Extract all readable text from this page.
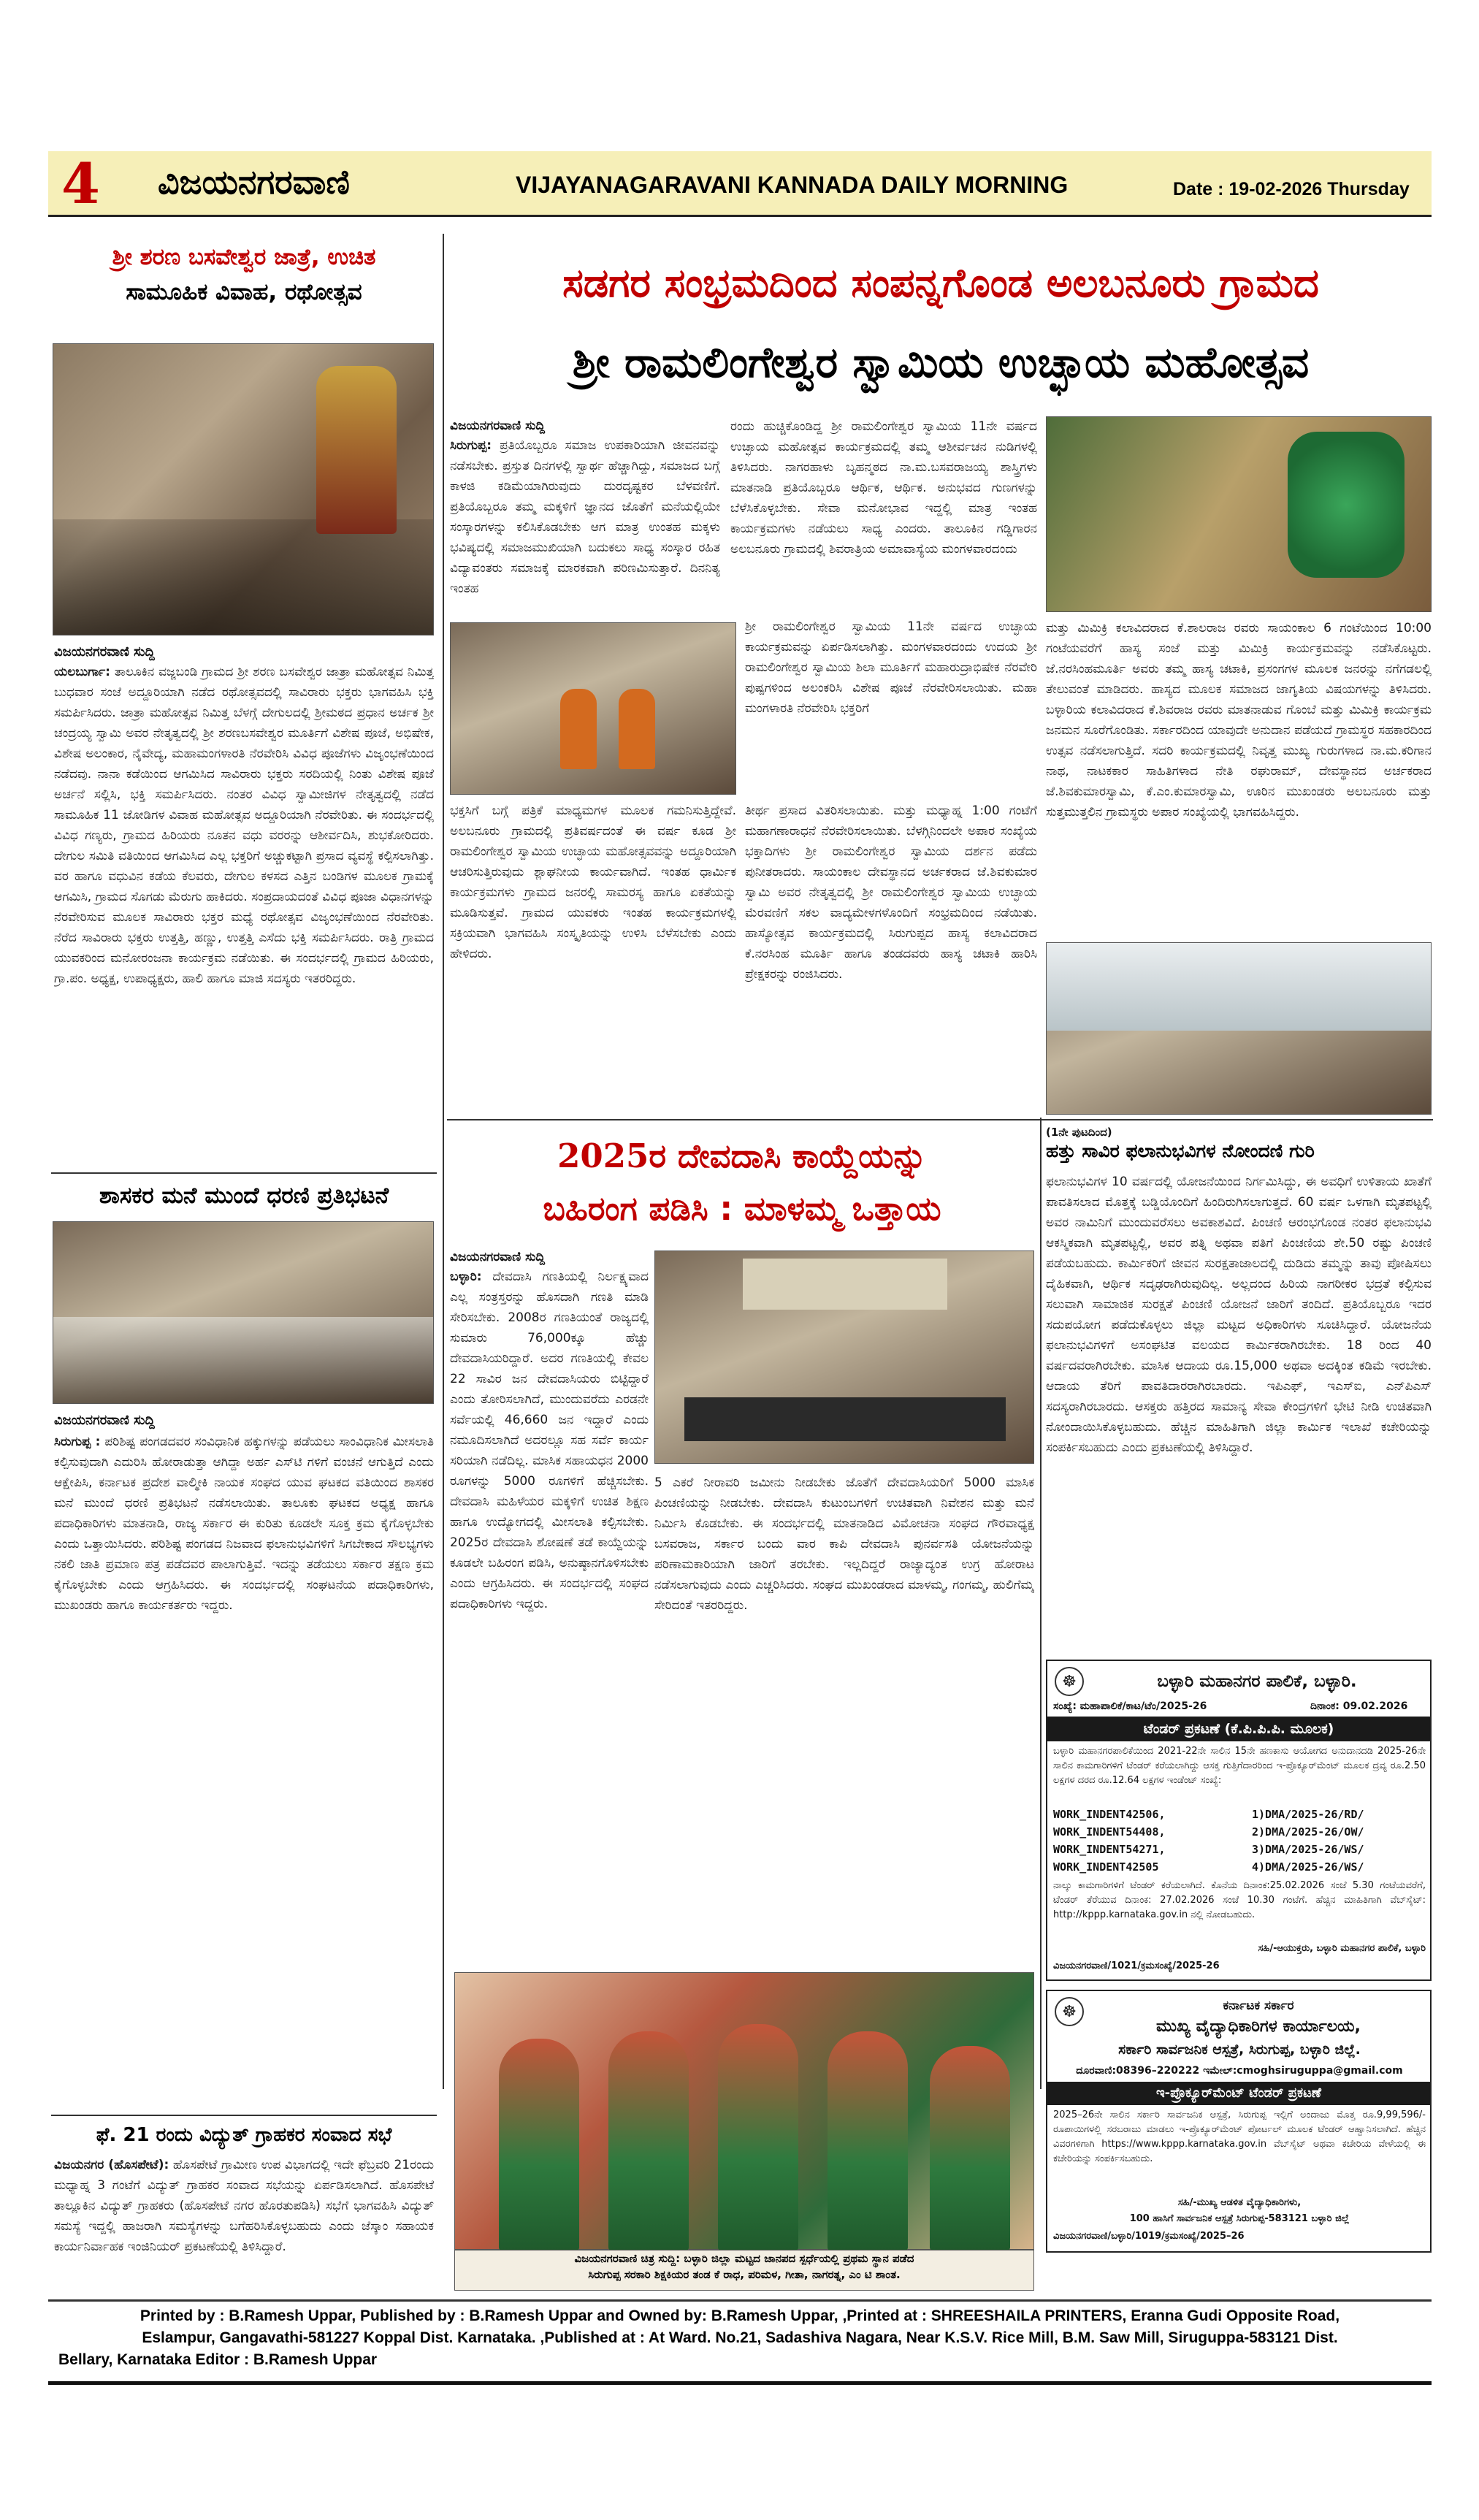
4 ವಿಜಯನಗರವಾಣಿ	VIJAYANAGARAVANI KANNADA DAILY MORNING	Date : 19-02-2026 Thursday
ಶ್ರೀ ಶರಣ ಬಸವೇಶ್ವರ ಜಾತ್ರೆ, ಉಚಿತ
ಸಾಮೂಹಿಕ ವಿವಾಹ, ರಥೋತ್ಸವ
ವಿಜಯನಗರವಾಣಿ ಸುದ್ದಿ
ಯಲಬುರ್ಗಾ: ತಾಲೂಕಿನ ವಜ್ಜಬಂಡಿ ಗ್ರಾಮದ ಶ್ರೀ ಶರಣ ಬಸವೇಶ್ವರ ಜಾತ್ರಾ ಮಹೋತ್ಸವ ನಿಮಿತ್ತ ಬುಧವಾರ ಸಂಜೆ ಅದ್ದೂರಿಯಾಗಿ ನಡೆದ ರಥೋತ್ಸವದಲ್ಲಿ ಸಾವಿರಾರು ಭಕ್ತರು ಭಾಗವಹಿಸಿ ಭಕ್ತಿ ಸಮರ್ಪಿಸಿದರು. ಜಾತ್ರಾ ಮಹೋತ್ಸವ ನಿಮಿತ್ತ ಬೆಳಗ್ಗೆ ದೇಗುಲದಲ್ಲಿ ಶ್ರೀಮಠದ ಪ್ರಧಾನ ಅರ್ಚಕ ಶ್ರೀ ಚಂದ್ರಯ್ಯ ಸ್ವಾಮಿ ಅವರ ನೇತೃತ್ವದಲ್ಲಿ ಶ್ರೀ ಶರಣಬಸವೇಶ್ವರ ಮೂರ್ತಿಗೆ ವಿಶೇಷ ಪೂಜೆ, ಅಭಿಷೇಕ, ವಿಶೇಷ ಅಲಂಕಾರ, ನೈವೇದ್ಯ, ಮಹಾಮಂಗಳಾರತಿ ನೆರವೇರಿಸಿ ವಿವಿಧ ಪೂಜೆಗಳು ವಿಜೃಂಭಣೆಯಿಂದ ನಡೆದವು. ನಾನಾ ಕಡೆಯಿಂದ ಆಗಮಿಸಿದ ಸಾವಿರಾರು ಭಕ್ತರು ಸರದಿಯಲ್ಲಿ ನಿಂತು ವಿಶೇಷ ಪೂಜೆ ಅರ್ಚನೆ ಸಲ್ಲಿಸಿ, ಭಕ್ತಿ ಸಮರ್ಪಿಸಿದರು. ನಂತರ ವಿವಿಧ ಸ್ವಾಮೀಜಿಗಳ ನೇತೃತ್ವದಲ್ಲಿ ನಡೆದ ಸಾಮೂಹಿಕ 11 ಜೋಡಿಗಳ ವಿವಾಹ ಮಹೋತ್ಸವ ಅದ್ದೂರಿಯಾಗಿ ನೆರವೇರಿತು. ಈ ಸಂದರ್ಭದಲ್ಲಿ ವಿವಿಧ ಗಣ್ಯರು, ಗ್ರಾಮದ ಹಿರಿಯರು ನೂತನ ವಧು ವರರನ್ನು ಆಶೀರ್ವದಿಸಿ, ಶುಭಕೋರಿದರು. ದೇಗುಲ ಸಮಿತಿ ವತಿಯಿಂದ ಆಗಮಿಸಿದ ಎಲ್ಲ ಭಕ್ತರಿಗೆ ಅಚ್ಚುಕಟ್ಟಾಗಿ ಪ್ರಸಾದ ವ್ಯವಸ್ಥೆ ಕಲ್ಪಿಸಲಾಗಿತ್ತು. ವರ ಹಾಗೂ ವಧುವಿನ ಕಡೆಯ ಕೆಲವರು, ದೇಗುಲ ಕಳಸದ ಎತ್ತಿನ ಬಂಡಿಗಳ ಮೂಲಕ ಗ್ರಾಮಕ್ಕೆ ಆಗಮಿಸಿ, ಗ್ರಾಮದ ಸೊಗಡು ಮೆರುಗು ಹಾಕಿದರು. ಸಂಪ್ರದಾಯದಂತೆ ವಿವಿಧ ಪೂಜಾ ವಿಧಾನಗಳನ್ನು ನೆರವೇರಿಸುವ ಮೂಲಕ ಸಾವಿರಾರು ಭಕ್ತರ ಮಧ್ಯೆ ರಥೋತ್ಸವ ವಿಜೃಂಭಣೆಯಿಂದ ನೆರವೇರಿತು. ನೆರೆದ ಸಾವಿರಾರು ಭಕ್ತರು ಉತ್ತತ್ತಿ, ಹಣ್ಣು, ಉತ್ತತ್ತಿ ಎಸೆದು ಭಕ್ತಿ ಸಮರ್ಪಿಸಿದರು. ರಾತ್ರಿ ಗ್ರಾಮದ ಯುವಕರಿಂದ ಮನೋರಂಜನಾ ಕಾರ್ಯಕ್ರಮ ನಡೆಯಿತು. ಈ ಸಂದರ್ಭದಲ್ಲಿ ಗ್ರಾಮದ ಹಿರಿಯರು, ಗ್ರಾ.ಪಂ. ಅಧ್ಯಕ್ಷ, ಉಪಾಧ್ಯಕ್ಷರು, ಹಾಲಿ ಹಾಗೂ ಮಾಜಿ ಸದಸ್ಯರು ಇತರರಿದ್ದರು.
ಶಾಸಕರ ಮನೆ ಮುಂದೆ ಧರಣಿ ಪ್ರತಿಭಟನೆ
ವಿಜಯನಗರವಾಣಿ ಸುದ್ದಿ
ಸಿರುಗುಪ್ಪ : ಪರಿಶಿಷ್ಟ ಪಂಗಡದವರ ಸಂವಿಧಾನಿಕ ಹಕ್ಕುಗಳನ್ನು ಪಡೆಯಲು ಸಾಂವಿಧಾನಿಕ ಮೀಸಲಾತಿ ಕಲ್ಪಿಸುವುದಾಗಿ ಎದುರಿಸಿ ಹೋರಾಡುತ್ತಾ ಆಗಿದ್ದಾ ಅರ್ಹ ಎಸ್‌ಟಿ ಗಳಿಗೆ ವಂಚನೆ ಆಗುತ್ತಿದೆ ಎಂದು ಆಕ್ಷೇಪಿಸಿ, ಕರ್ನಾಟಕ ಪ್ರದೇಶ ವಾಲ್ಮೀಕಿ ನಾಯಕ ಸಂಘದ ಯುವ ಘಟಕದ ವತಿಯಿಂದ ಶಾಸಕರ ಮನೆ ಮುಂದೆ ಧರಣಿ ಪ್ರತಿಭಟನೆ ನಡೆಸಲಾಯಿತು. ತಾಲೂಕು ಘಟಕದ ಅಧ್ಯಕ್ಷ ಹಾಗೂ ಪದಾಧಿಕಾರಿಗಳು ಮಾತನಾಡಿ, ರಾಜ್ಯ ಸರ್ಕಾರ ಈ ಕುರಿತು ಕೂಡಲೇ ಸೂಕ್ತ ಕ್ರಮ ಕೈಗೊಳ್ಳಬೇಕು ಎಂದು ಒತ್ತಾಯಿಸಿದರು. ಪರಿಶಿಷ್ಟ ಪಂಗಡದ ನಿಜವಾದ ಫಲಾನುಭವಿಗಳಿಗೆ ಸಿಗಬೇಕಾದ ಸೌಲಭ್ಯಗಳು ನಕಲಿ ಜಾತಿ ಪ್ರಮಾಣ ಪತ್ರ ಪಡೆದವರ ಪಾಲಾಗುತ್ತಿವೆ. ಇದನ್ನು ತಡೆಯಲು ಸರ್ಕಾರ ತಕ್ಷಣ ಕ್ರಮ ಕೈಗೊಳ್ಳಬೇಕು ಎಂದು ಆಗ್ರಹಿಸಿದರು. ಈ ಸಂದರ್ಭದಲ್ಲಿ ಸಂಘಟನೆಯ ಪದಾಧಿಕಾರಿಗಳು, ಮುಖಂಡರು ಹಾಗೂ ಕಾರ್ಯಕರ್ತರು ಇದ್ದರು.
ಫೆ. 21 ರಂದು ವಿದ್ಯುತ್ ಗ್ರಾಹಕರ ಸಂವಾದ ಸಭೆ
ವಿಜಯನಗರ (ಹೊಸಪೇಟೆ): ಹೊಸಪೇಟೆ ಗ್ರಾಮೀಣ ಉಪ ವಿಭಾಗದಲ್ಲಿ ಇದೇ ಫೆಬ್ರವರಿ 21ರಂದು ಮಧ್ಯಾಹ್ನ 3 ಗಂಟೆಗೆ ವಿದ್ಯುತ್ ಗ್ರಾಹಕರ ಸಂವಾದ ಸಭೆಯನ್ನು ಏರ್ಪಡಿಸಲಾಗಿದೆ. ಹೊಸಪೇಟೆ ತಾಲ್ಲೂಕಿನ ವಿದ್ಯುತ್ ಗ್ರಾಹಕರು (ಹೊಸಪೇಟೆ ನಗರ ಹೊರತುಪಡಿಸಿ) ಸಭೆಗೆ ಭಾಗವಹಿಸಿ ವಿದ್ಯುತ್ ಸಮಸ್ಯೆ ಇದ್ದಲ್ಲಿ ಹಾಜರಾಗಿ ಸಮಸ್ಯೆಗಳನ್ನು ಬಗೆಹರಿಸಿಕೊಳ್ಳಬಹುದು ಎಂದು ಜೆಸ್ಕಾಂ ಸಹಾಯಕ ಕಾರ್ಯನಿರ್ವಾಹಕ ಇಂಜಿನಿಯರ್ ಪ್ರಕಟಣೆಯಲ್ಲಿ ತಿಳಿಸಿದ್ದಾರೆ.
ಸಡಗರ ಸಂಭ್ರಮದಿಂದ ಸಂಪನ್ನಗೊಂಡ ಅಲಬನೂರು ಗ್ರಾಮದ
ಶ್ರೀ ರಾಮಲಿಂಗೇಶ್ವರ ಸ್ವಾಮಿಯ ಉಚ್ಛಾಯ ಮಹೋತ್ಸವ
ವಿಜಯನಗರವಾಣಿ ಸುದ್ದಿ
ಸಿರುಗುಪ್ಪ: ಪ್ರತಿಯೊಬ್ಬರೂ ಸಮಾಜ ಉಪಕಾರಿಯಾಗಿ ಜೀವನವನ್ನು ನಡೆಸಬೇಕು. ಪ್ರಸ್ತುತ ದಿನಗಳಲ್ಲಿ ಸ್ವಾರ್ಥ ಹೆಚ್ಚಾಗಿದ್ದು, ಸಮಾಜದ ಬಗ್ಗೆ ಕಾಳಜಿ ಕಡಿಮೆಯಾಗಿರುವುದು ದುರದೃಷ್ಟಕರ ಬೆಳವಣಿಗೆ. ಪ್ರತಿಯೊಬ್ಬರೂ ತಮ್ಮ ಮಕ್ಕಳಿಗೆ ಜ್ಞಾನದ ಜೊತೆಗೆ ಮನೆಯಲ್ಲಿಯೇ ಸಂಸ್ಕಾರಗಳನ್ನು ಕಲಿಸಿಕೊಡಬೇಕು ಆಗ ಮಾತ್ರ ಉಂತಹ ಮಕ್ಕಳು ಭವಿಷ್ಯದಲ್ಲಿ ಸಮಾಜಮುಖಿಯಾಗಿ ಬದುಕಲು ಸಾಧ್ಯ ಸಂಸ್ಕಾರ ರಹಿತ ವಿದ್ಯಾವಂತರು ಸಮಾಜಕ್ಕೆ ಮಾರಕವಾಗಿ ಪರಿಣಮಿಸುತ್ತಾರೆ. ದಿನನಿತ್ಯ ಇಂತಹ
ರಂದು ಹುಚ್ಚಿಕೊಂಡಿದ್ದ ಶ್ರೀ ರಾಮಲಿಂಗೇಶ್ವರ ಸ್ವಾಮಿಯ 11ನೇ ವರ್ಷದ ಉಚ್ಛಾಯ ಮಹೋತ್ಸವ ಕಾರ್ಯಕ್ರಮದಲ್ಲಿ ತಮ್ಮ ಆಶೀರ್ವಚನ ನುಡಿಗಳಲ್ಲಿ ತಿಳಿಸಿದರು. ನಾಗರಹಾಳು ಬೃಹನ್ಮಠದ ನಾ.ಮ.ಬಸವರಾಜಯ್ಯ ಶಾಸ್ತ್ರಿಗಳು ಮಾತನಾಡಿ ಪ್ರತಿಯೊಬ್ಬರೂ ಆರ್ಥಿಕ, ಆರ್ಥಿಕ. ಅನುಭವದ ಗುಣಗಳನ್ನು ಬೆಳೆಸಿಕೊಳ್ಳಬೇಕು. ಸೇವಾ ಮನೋಭಾವ ಇದ್ದಲ್ಲಿ ಮಾತ್ರ ಇಂತಹ ಕಾರ್ಯಕ್ರಮಗಳು ನಡೆಯಲು ಸಾಧ್ಯ ಎಂದರು. ತಾಲೂಕಿನ ಗಡ್ಡಿಗಾರನ ಅಲಬನೂರು ಗ್ರಾಮದಲ್ಲಿ ಶಿವರಾತ್ರಿಯ ಅಮಾವಾಸ್ಯೆಯ ಮಂಗಳವಾರದಂದು
ಶ್ರೀ ರಾಮಲಿಂಗೇಶ್ವರ ಸ್ವಾಮಿಯ 11ನೇ ವರ್ಷದ ಉಚ್ಛಾಯ ಕಾರ್ಯಕ್ರಮವನ್ನು ಏರ್ಪಡಿಸಲಾಗಿತ್ತು. ಮಂಗಳವಾರದಂದು ಉದಯ ಶ್ರೀ ರಾಮಲಿಂಗೇಶ್ವರ ಸ್ವಾಮಿಯ ಶಿಲಾ ಮೂರ್ತಿಗೆ ಮಹಾರುದ್ರಾಭಿಷೇಕ ನೆರವೇರಿ ಪುಷ್ಪಗಳಿಂದ ಅಲಂಕರಿಸಿ ವಿಶೇಷ ಪೂಜೆ ನೆರವೇರಿಸಲಾಯಿತು. ಮಹಾ ಮಂಗಳಾರತಿ ನೆರವೇರಿಸಿ ಭಕ್ತರಿಗೆ
ಭಕ್ತಸಿಗೆ ಬಗ್ಗೆ ಪತ್ರಿಕೆ ಮಾಧ್ಯಮಗಳ ಮೂಲಕ ಗಮನಿಸುತ್ತಿದ್ದೇವೆ. ಅಲಬನೂರು ಗ್ರಾಮದಲ್ಲಿ ಪ್ರತಿವರ್ಷದಂತೆ ಈ ವರ್ಷ ಕೂಡ ಶ್ರೀ ರಾಮಲಿಂಗೇಶ್ವರ ಸ್ವಾಮಿಯ ಉಚ್ಛಾಯ ಮಹೋತ್ಸವವನ್ನು ಅದ್ದೂರಿಯಾಗಿ ಆಚರಿಸುತ್ತಿರುವುದು ಶ್ಲಾಘನೀಯ ಕಾರ್ಯವಾಗಿದೆ. ಇಂತಹ ಧಾರ್ಮಿಕ ಕಾರ್ಯಕ್ರಮಗಳು ಗ್ರಾಮದ ಜನರಲ್ಲಿ ಸಾಮರಸ್ಯ ಹಾಗೂ ಏಕತೆಯನ್ನು ಮೂಡಿಸುತ್ತವೆ. ಗ್ರಾಮದ ಯುವಕರು ಇಂತಹ ಕಾರ್ಯಕ್ರಮಗಳಲ್ಲಿ ಸಕ್ರಿಯವಾಗಿ ಭಾಗವಹಿಸಿ ಸಂಸ್ಕೃತಿಯನ್ನು ಉಳಿಸಿ ಬೆಳೆಸಬೇಕು ಎಂದು ಹೇಳಿದರು.
ತೀರ್ಥ ಪ್ರಸಾದ ವಿತರಿಸಲಾಯಿತು. ಮತ್ತು ಮಧ್ಯಾಹ್ನ 1:00 ಗಂಟೆಗೆ ಮಹಾಗಣಾರಾಧನೆ ನೆರವೇರಿಸಲಾಯಿತು. ಬೆಳಗ್ಗಿನಿಂದಲೇ ಅಪಾರ ಸಂಖ್ಯೆಯ ಭಕ್ತಾದಿಗಳು ಶ್ರೀ ರಾಮಲಿಂಗೇಶ್ವರ ಸ್ವಾಮಿಯ ದರ್ಶನ ಪಡೆದು ಪುನೀತರಾದರು. ಸಾಯಂಕಾಲ ದೇವಸ್ಥಾನದ ಅರ್ಚಕರಾದ ಜೆ.ಶಿವಕುಮಾರ ಸ್ವಾಮಿ ಅವರ ನೇತೃತ್ವದಲ್ಲಿ ಶ್ರೀ ರಾಮಲಿಂಗೇಶ್ವರ ಸ್ವಾಮಿಯ ಉಚ್ಛಾಯ ಮೆರವಣಿಗೆ ಸಕಲ ವಾದ್ಯಮೇಳಗಳೊಂದಿಗೆ ಸಂಭ್ರಮದಿಂದ ನಡೆಯಿತು. ಹಾಸ್ಯೋತ್ಸವ ಕಾರ್ಯಕ್ರಮದಲ್ಲಿ ಸಿರುಗುಪ್ಪದ ಹಾಸ್ಯ ಕಲಾವಿದರಾದ ಕೆ.ನರಸಿಂಹ ಮೂರ್ತಿ ಹಾಗೂ ತಂಡದವರು ಹಾಸ್ಯ ಚಟಾಕಿ ಹಾರಿಸಿ ಪ್ರೇಕ್ಷಕರನ್ನು ರಂಜಿಸಿದರು.
ಮತ್ತು ಮಿಮಿಕ್ರಿ ಕಲಾವಿದರಾದ ಕೆ.ಶಾಲರಾಜ ರವರು ಸಾಯಂಕಾಲ 6 ಗಂಟೆಯಿಂದ 10:00 ಗಂಟೆಯವರೆಗೆ ಹಾಸ್ಯ ಸಂಜೆ ಮತ್ತು ಮಿಮಿಕ್ರಿ ಕಾರ್ಯಕ್ರಮವನ್ನು ನಡೆಸಿಕೊಟ್ಟರು. ಜೆ.ನರಸಿಂಹಮೂರ್ತಿ ಅವರು ತಮ್ಮ ಹಾಸ್ಯ ಚಟಾಕಿ, ಪ್ರಸಂಗಗಳ ಮೂಲಕ ಜನರನ್ನು ನಗೆಗಡಲಲ್ಲಿ ತೇಲುವಂತೆ ಮಾಡಿದರು. ಹಾಸ್ಯದ ಮೂಲಕ ಸಮಾಜದ ಜಾಗೃತಿಯ ವಿಷಯಗಳನ್ನು ತಿಳಿಸಿದರು. ಬಳ್ಳಾರಿಯ ಕಲಾವಿದರಾದ ಕೆ.ಶಿವರಾಜ ರವರು ಮಾತನಾಡುವ ಗೊಂಬೆ ಮತ್ತು ಮಿಮಿಕ್ರಿ ಕಾರ್ಯಕ್ರಮ ಜನಮನ ಸೂರೆಗೊಂಡಿತು. ಸರ್ಕಾರದಿಂದ ಯಾವುದೇ ಅನುದಾನ ಪಡೆಯದೆ ಗ್ರಾಮಸ್ಥರ ಸಹಕಾರದಿಂದ ಉತ್ಸವ ನಡೆಸಲಾಗುತ್ತಿದೆ. ಸದರಿ ಕಾರ್ಯಕ್ರಮದಲ್ಲಿ ನಿವೃತ್ತ ಮುಖ್ಯ ಗುರುಗಳಾದ ನಾ.ಮ.ಕರಿಗಾನ ನಾಥ, ನಾಟಕಕಾರ ಸಾಹಿತಿಗಳಾದ ನೇತಿ ರಘುರಾಮ್, ದೇವಸ್ಥಾನದ ಅರ್ಚಕರಾದ ಜೆ.ಶಿವಕುಮಾರಸ್ವಾಮಿ, ಕೆ.ಎಂ.ಕುಮಾರಸ್ವಾಮಿ, ಊರಿನ ಮುಖಂಡರು ಅಲಬನೂರು ಮತ್ತು ಸುತ್ತಮುತ್ತಲಿನ ಗ್ರಾಮಸ್ಥರು ಅಪಾರ ಸಂಖ್ಯೆಯಲ್ಲಿ ಭಾಗವಹಿಸಿದ್ದರು.
2025ರ ದೇವದಾಸಿ ಕಾಯ್ದೆಯನ್ನು
ಬಹಿರಂಗ ಪಡಿಸಿ : ಮಾಳಮ್ಮ ಒತ್ತಾಯ
ವಿಜಯನಗರವಾಣಿ ಸುದ್ದಿ
ಬಳ್ಳಾರಿ: ದೇವದಾಸಿ ಗಣತಿಯಲ್ಲಿ ನಿರ್ಲಕ್ಷ್ಯವಾದ ಎಲ್ಲ ಸಂತ್ರಸ್ತರನ್ನು ಹೊಸದಾಗಿ ಗಣತಿ ಮಾಡಿ ಸೇರಿಸಬೇಕು. 2008ರ ಗಣತಿಯಂತೆ ರಾಜ್ಯದಲ್ಲಿ ಸುಮಾರು 76,000ಕ್ಕೂ ಹೆಚ್ಚು ದೇವದಾಸಿಯರಿದ್ದಾರೆ. ಅದರ ಗಣತಿಯಲ್ಲಿ ಕೇವಲ 22 ಸಾವಿರ ಜನ ದೇವದಾಸಿಯರು ಬಿಟ್ಟಿದ್ದಾರೆ ಎಂದು ತೋರಿಸಲಾಗಿದೆ, ಮುಂದುವರೆದು ಎರಡನೇ ಸರ್ವೆಯಲ್ಲಿ 46,660 ಜನ ಇದ್ದಾರೆ ಎಂದು ನಮೂದಿಸಲಾಗಿದೆ ಅದರಲ್ಲೂ ಸಹ ಸರ್ವೆ ಕಾರ್ಯ ಸರಿಯಾಗಿ ನಡೆದಿಲ್ಲ. ಮಾಸಿಕ ಸಹಾಯಧನ 2000 ರೂಗಳನ್ನು 5000 ರೂಗಳಿಗೆ ಹೆಚ್ಚಿಸಬೇಕು. ದೇವದಾಸಿ ಮಹಿಳೆಯರ ಮಕ್ಕಳಿಗೆ ಉಚಿತ ಶಿಕ್ಷಣ ಹಾಗೂ ಉದ್ಯೋಗದಲ್ಲಿ ಮೀಸಲಾತಿ ಕಲ್ಪಿಸಬೇಕು. 2025ರ ದೇವದಾಸಿ ಶೋಷಣೆ ತಡೆ ಕಾಯ್ದೆಯನ್ನು ಕೂಡಲೇ ಬಹಿರಂಗ ಪಡಿಸಿ, ಅನುಷ್ಠಾನಗೊಳಿಸಬೇಕು ಎಂದು ಆಗ್ರಹಿಸಿದರು. ಈ ಸಂದರ್ಭದಲ್ಲಿ ಸಂಘದ ಪದಾಧಿಕಾರಿಗಳು ಇದ್ದರು.
5 ಎಕರೆ ನೀರಾವರಿ ಜಮೀನು ನೀಡಬೇಕು ಜೊತೆಗೆ ದೇವದಾಸಿಯರಿಗೆ 5000 ಮಾಸಿಕ ಪಿಂಚಣಿಯನ್ನು ನೀಡಬೇಕು. ದೇವದಾಸಿ ಕುಟುಂಬಗಳಿಗೆ ಉಚಿತವಾಗಿ ನಿವೇಶನ ಮತ್ತು ಮನೆ ನಿರ್ಮಿಸಿ ಕೊಡಬೇಕು. ಈ ಸಂದರ್ಭದಲ್ಲಿ ಮಾತನಾಡಿದ ವಿಮೋಚನಾ ಸಂಘದ ಗೌರವಾಧ್ಯಕ್ಷ ಬಸವರಾಜ, ಸರ್ಕಾರ ಬಂದು ವಾರ ಕಾಪಿ ದೇವದಾಸಿ ಪುನರ್ವಸತಿ ಯೋಜನೆಯನ್ನು ಪರಿಣಾಮಕಾರಿಯಾಗಿ ಜಾರಿಗೆ ತರಬೇಕು. ಇಲ್ಲದಿದ್ದರೆ ರಾಜ್ಯಾದ್ಯಂತ ಉಗ್ರ ಹೋರಾಟ ನಡೆಸಲಾಗುವುದು ಎಂದು ಎಚ್ಚರಿಸಿದರು. ಸಂಘದ ಮುಖಂಡರಾದ ಮಾಳಮ್ಮ, ಗಂಗಮ್ಮ, ಹುಲಿಗೆಮ್ಮ ಸೇರಿದಂತೆ ಇತರರಿದ್ದರು.
ವಿಜಯನಗರವಾಣಿ ಚಿತ್ರ ಸುದ್ದಿ: ಬಳ್ಳಾರಿ ಜಿಲ್ಲಾ ಮಟ್ಟದ ಜಾನಪದ ಸ್ಪರ್ಧೆಯಲ್ಲಿ ಪ್ರಥಮ ಸ್ಥಾನ ಪಡೆದ
ಸಿರುಗುಪ್ಪ ಸರಕಾರಿ ಶಿಕ್ಷಕಿಯರ ತಂಡ ಕೆ ರಾಧ, ಪರಿಮಳ, ಗೀತಾ, ನಾಗರತ್ನ, ಎಂ ಟಿ ಶಾಂತ.
(1ನೇ ಪುಟದಿಂದ)
ಹತ್ತು ಸಾವಿರ ಫಲಾನುಭವಿಗಳ ನೋಂದಣಿ ಗುರಿ
ಫಲಾನುಭವಿಗಳ 10 ವರ್ಷದಲ್ಲಿ ಯೋಜನೆಯಿಂದ ನಿರ್ಗಮಿಸಿದ್ದು, ಈ ಅವಧಿಗೆ ಉಳಿತಾಯ ಖಾತೆಗೆ ಪಾವತಿಸಲಾದ ಮೊತ್ತಕ್ಕೆ ಬಡ್ಡಿಯೊಂದಿಗೆ ಹಿಂದಿರುಗಿಸಲಾಗುತ್ತದೆ. 60 ವರ್ಷ ಒಳಗಾಗಿ ಮೃತಪಟ್ಟಲ್ಲಿ ಅವರ ನಾಮಿನಿಗೆ ಮುಂದುವರೆಸಲು ಅವಕಾಶವಿದೆ. ಪಿಂಚಣಿ ಆರಂಭಗೊಂಡ ನಂತರ ಫಲಾನುಭವಿ ಆಕಸ್ಮಿಕವಾಗಿ ಮೃತಪಟ್ಟಲ್ಲಿ, ಅವರ ಪತ್ನಿ ಅಥವಾ ಪತಿಗೆ ಪಿಂಚಣಿಯ ಶೇ.50 ರಷ್ಟು ಪಿಂಚಣಿ ಪಡೆಯಬಹುದು. ಕಾರ್ಮಿಕರಿಗೆ ಜೀವನ ಸುರಕ್ಷತಾಜಾಲದಲ್ಲಿ ದುಡಿದು ತಮ್ಮನ್ನು ತಾವು ಪೋಷಿಸಲು ದೈಹಿಕವಾಗಿ, ಆರ್ಥಿಕ ಸದೃಢರಾಗಿರುವುದಿಲ್ಲ. ಅಲ್ಲದಂದ ಹಿರಿಯ ನಾಗರೀಕರ ಭದ್ರತೆ ಕಲ್ಪಿಸುವ ಸಲುವಾಗಿ ಸಾಮಾಜಿಕ ಸುರಕ್ಷತೆ ಪಿಂಚಣಿ ಯೋಜನೆ ಜಾರಿಗೆ ತಂದಿದೆ. ಪ್ರತಿಯೊಬ್ಬರೂ ಇದರ ಸದುಪಯೋಗ ಪಡೆದುಕೊಳ್ಳಲು ಜಿಲ್ಲಾ ಮಟ್ಟದ ಅಧಿಕಾರಿಗಳು ಸೂಚಿಸಿದ್ದಾರೆ. ಯೋಜನೆಯ ಫಲಾನುಭವಿಗಳಿಗೆ ಅಸಂಘಟಿತ ವಲಯದ ಕಾರ್ಮಿಕರಾಗಿರಬೇಕು. 18 ರಿಂದ 40 ವರ್ಷದವರಾಗಿರಬೇಕು. ಮಾಸಿಕ ಆದಾಯ ರೂ.15,000 ಅಥವಾ ಅದಕ್ಕಿಂತ ಕಡಿಮೆ ಇರಬೇಕು. ಆದಾಯ ತೆರಿಗೆ ಪಾವತಿದಾರರಾಗಿರಬಾರದು. ಇಪಿಎಫ್, ಇಎಸ್‌ಐ, ಎನ್‌ಪಿಎಸ್ ಸದಸ್ಯರಾಗಿರಬಾರದು. ಆಸಕ್ತರು ಹತ್ತಿರದ ಸಾಮಾನ್ಯ ಸೇವಾ ಕೇಂದ್ರಗಳಿಗೆ ಭೇಟಿ ನೀಡಿ ಉಚಿತವಾಗಿ ನೋಂದಾಯಿಸಿಕೊಳ್ಳಬಹುದು. ಹೆಚ್ಚಿನ ಮಾಹಿತಿಗಾಗಿ ಜಿಲ್ಲಾ ಕಾರ್ಮಿಕ ಇಲಾಖೆ ಕಚೇರಿಯನ್ನು ಸಂಪರ್ಕಿಸಬಹುದು ಎಂದು ಪ್ರಕಟಣೆಯಲ್ಲಿ ತಿಳಿಸಿದ್ದಾರೆ.
☸	ಬಳ್ಳಾರಿ ಮಹಾನಗರ ಪಾಲಿಕೆ, ಬಳ್ಳಾರಿ.
ಸಂಖ್ಯೆ: ಮಹಾಪಾಲಿಕೆ/ಕಾಟ/ಟೆಂ/2025-26	ದಿನಾಂಕ: 09.02.2026
ಟೆಂಡರ್ ಪ್ರಕಟಣೆ (ಕೆ.ಪಿ.ಪಿ.ಪಿ. ಮೂಲಕ)
ಬಳ್ಳಾರಿ ಮಹಾನಗರಪಾಲಿಕೆಯಿಂದ 2021-22ನೇ ಸಾಲಿನ 15ನೇ ಹಣಕಾಸು ಆಯೋಗದ ಅನುದಾನದಡಿ 2025-26ನೇ ಸಾಲಿನ ಕಾಮಗಾರಿಗಳಿಗೆ ಟೆಂಡರ್ ಕರೆಯಲಾಗಿದ್ದು ಆಸಕ್ತ ಗುತ್ತಿಗೆದಾರರಿಂದ ಇ-ಪ್ರೊಕ್ಯೂರ್‌ಮೆಂಟ್ ಮೂಲಕ ದ್ರವ್ಯ ರೂ.2.50 ಲಕ್ಷಗಳ ದರದ ರೂ.12.64 ಲಕ್ಷಗಳ ಇಂಡೆಂಟ್ ಸಂಖ್ಯೆ:
WORK_INDENT42506,	1)DMA/2025-26/RD/
WORK_INDENT54408,	2)DMA/2025-26/OW/
WORK_INDENT54271,	3)DMA/2025-26/WS/
WORK_INDENT42505	4)DMA/2025-26/WS/
ನಾಲ್ಕು ಕಾಮಗಾರಿಗಳಿಗೆ ಟೆಂಡರ್ ಕರೆಯಲಾಗಿದೆ. ಕೊನೆಯ ದಿನಾಂಕ:25.02.2026 ಸಂಜೆ 5.30 ಗಂಟೆಯವರೆಗೆ, ಟೆಂಡರ್ ತೆರೆಯುವ ದಿನಾಂಕ: 27.02.2026 ಸಂಜೆ 10.30 ಗಂಟೆಗೆ. ಹೆಚ್ಚಿನ ಮಾಹಿತಿಗಾಗಿ ವೆಬ್‌ಸೈಟ್: http://kppp.karnataka.gov.in ನಲ್ಲಿ ನೋಡಬಹುದು.
ಸಹಿ/-ಆಯುಕ್ತರು, ಬಳ್ಳಾರಿ ಮಹಾನಗರ ಪಾಲಿಕೆ, ಬಳ್ಳಾರಿ
ವಿಜಯನಗರವಾಣಿ/1021/ಕ್ರಮಸಂಖ್ಯೆ/2025-26
☸	ಕರ್ನಾಟಕ ಸರ್ಕಾರ
ಮುಖ್ಯ ವೈದ್ಯಾಧಿಕಾರಿಗಳ ಕಾರ್ಯಾಲಯ,
ಸರ್ಕಾರಿ ಸಾರ್ವಜನಿಕ ಆಸ್ಪತ್ರೆ, ಸಿರುಗುಪ್ಪ, ಬಳ್ಳಾರಿ ಜಿಲ್ಲೆ.
ದೂರವಾಣಿ:08396–220222 ಇಮೇಲ್:cmoghsiruguppa@gmail.com
ಇ-ಪ್ರೊಕ್ಯೂರ್‌ಮೆಂಟ್ ಟೆಂಡರ್ ಪ್ರಕಟಣೆ
2025–26ನೇ ಸಾಲಿನ ಸರ್ಕಾರಿ ಸಾರ್ವಜನಿಕ ಆಸ್ಪತ್ರೆ, ಸಿರುಗುಪ್ಪ ಇಲ್ಲಿಗೆ ಅಂದಾಜು ಮೊತ್ತ ರೂ.9,99,596/-ರೂಪಾಯಿಗಳಲ್ಲಿ ಸರಬರಾಜು ಮಾಡಲು ಇ-ಪ್ರೊಕ್ಯೂರ್‌ಮೆಂಟ್ ಪೋರ್ಟಲ್ ಮೂಲಕ ಟೆಂಡರ್ ಆಹ್ವಾನಿಸಲಾಗಿದೆ. ಹೆಚ್ಚಿನ ವಿವರಗಳಿಗಾಗಿ https://www.kppp.karnataka.gov.in ವೆಬ್‌ಸೈಟ್ ಅಥವಾ ಕಚೇರಿಯ ವೇಳೆಯಲ್ಲಿ ಈ ಕಚೇರಿಯನ್ನು ಸಂಪರ್ಕಿಸಬಹುದು.
ಸಹಿ/-ಮುಖ್ಯ ಆಡಳಿತ ವೈದ್ಯಾಧಿಕಾರಿಗಳು,
100 ಹಾಸಿಗೆ ಸಾರ್ವಜನಿಕ ಆಸ್ಪತ್ರೆ ಸಿರುಗುಪ್ಪ-583121 ಬಳ್ಳಾರಿ ಜಿಲ್ಲೆ
ವಿಜಯನಗರವಾಣಿ/ಬಳ್ಳಾರಿ/1019/ಕ್ರಮಸಂಖ್ಯೆ/2025–26
Printed by : B.Ramesh Uppar, Published by : B.Ramesh Uppar and Owned by: B.Ramesh Uppar, ,Printed at : SHREESHAILA PRINTERS, Eranna Gudi Opposite Road,
Eslampur, Gangavathi-581227 Koppal Dist. Karnataka. ,Published at : At Ward. No.21, Sadashiva Nagara, Near K.S.V. Rice Mill, B.M. Saw Mill, Siruguppa-583121 Dist.
Bellary, Karnataka Editor : B.Ramesh Uppar
